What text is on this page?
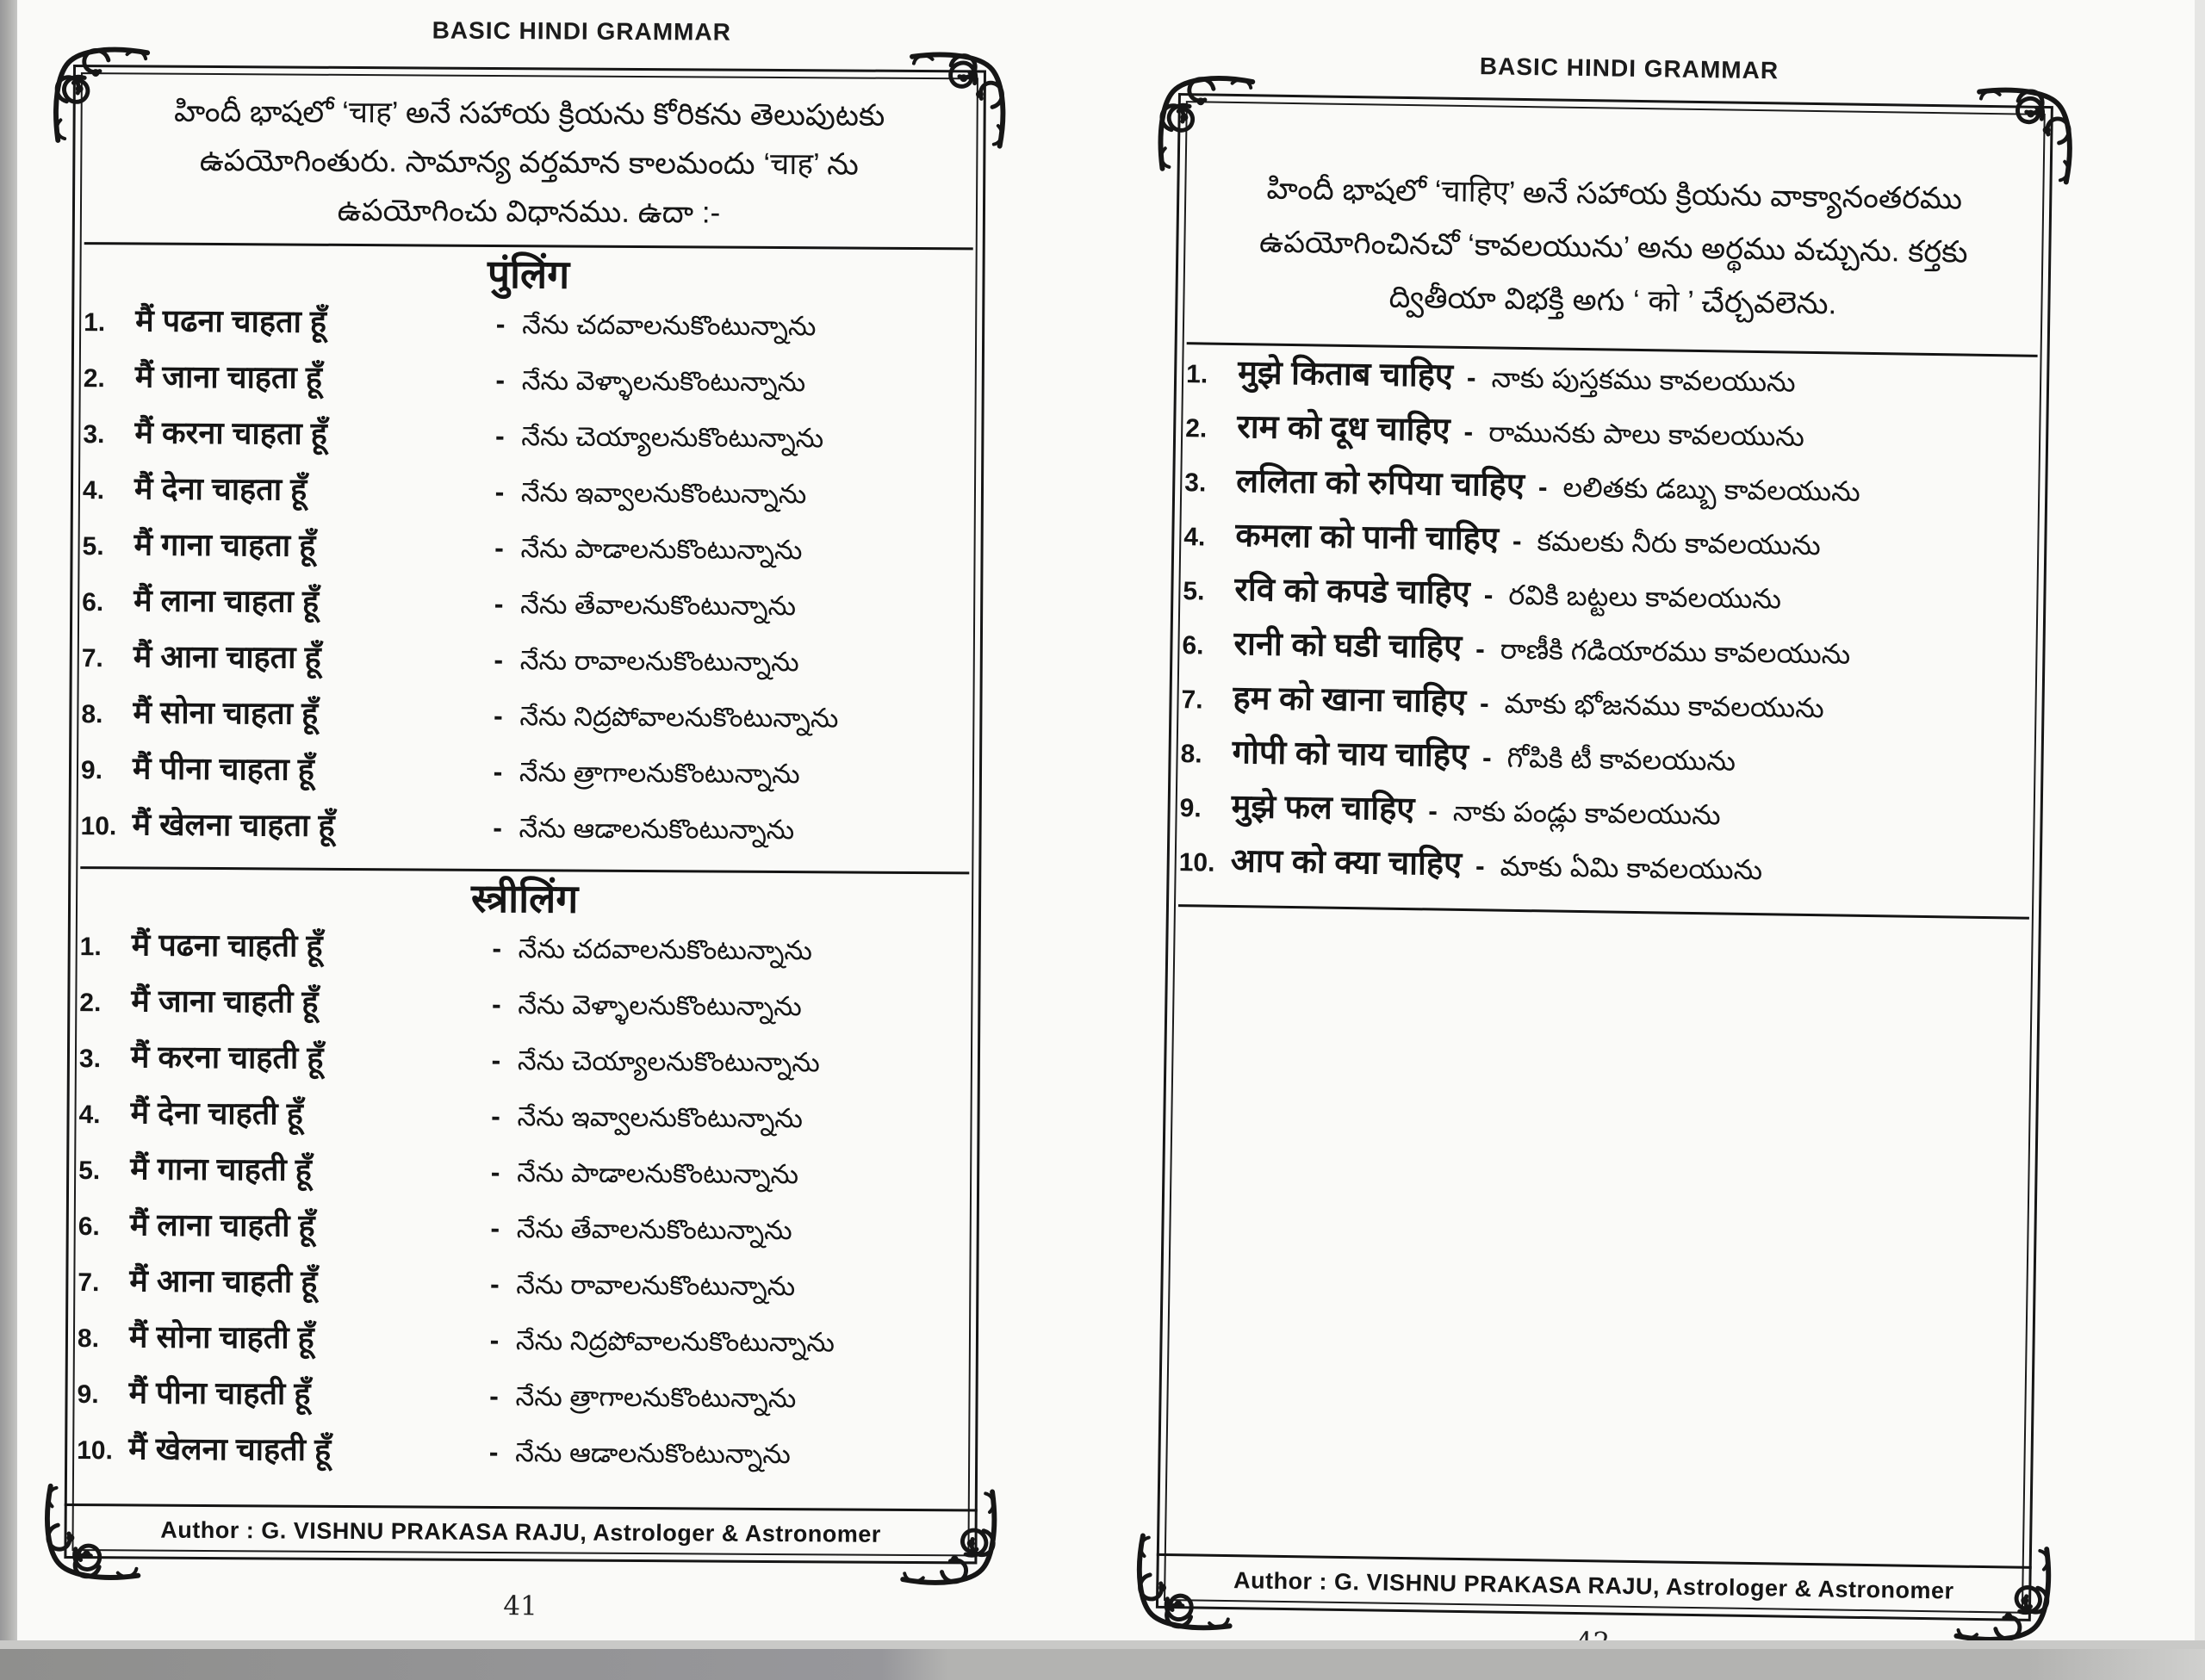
BASIC HINDI GRAMMAR
హిందీ భాషలో ‘चाह’ అనే సహాయ క్రియను కోరికను తెలుపుటకు
ఉపయోగింతురు. సామాన్య వర్తమాన కాలమందు ‘चाह’ ను
ఉపయోగించు విధానము. ఉదా :-
पुंलिंग
1. मैं पढना चाहता हूँ	- నేను చదవాలనుకొంటున్నాను
2. मैं जाना चाहता हूँ	- నేను వెళ్ళాలనుకొంటున్నాను
3. मैं करना चाहता हूँ	- నేను చెయ్యాలనుకొంటున్నాను
4. मैं देना चाहता हूँ	- నేను ఇవ్వాలనుకొంటున్నాను
5. मैं गाना चाहता हूँ	- నేను పాడాలనుకొంటున్నాను
6. मैं लाना चाहता हूँ	- నేను తేవాలనుకొంటున్నాను
7. मैं आना चाहता हूँ	- నేను రావాలనుకొంటున్నాను
8. मैं सोना चाहता हूँ	- నేను నిద్రపోవాలనుకొంటున్నాను
9. मैं पीना चाहता हूँ	- నేను త్రాగాలనుకొంటున్నాను
10. मैं खेलना चाहता हूँ	- నేను ఆడాలనుకొంటున్నాను
स्त्रीलिंग
1. मैं पढना चाहती हूँ	- నేను చదవాలనుకొంటున్నాను
2. मैं जाना चाहती हूँ	- నేను వెళ్ళాలనుకొంటున్నాను
3. मैं करना चाहती हूँ	- నేను చెయ్యాలనుకొంటున్నాను
4. मैं देना चाहती हूँ	- నేను ఇవ్వాలనుకొంటున్నాను
5. मैं गाना चाहती हूँ	- నేను పాడాలనుకొంటున్నాను
6. मैं लाना चाहती हूँ	- నేను తేవాలనుకొంటున్నాను
7. मैं आना चाहती हूँ	- నేను రావాలనుకొంటున్నాను
8. मैं सोना चाहती हूँ	- నేను నిద్రపోవాలనుకొంటున్నాను
9. मैं पीना चाहती हूँ	- నేను త్రాగాలనుకొంటున్నాను
10. मैं खेलना चाहती हूँ	- నేను ఆడాలనుకొంటున్నాను
Author : G. VISHNU PRAKASA RAJU, Astrologer & Astronomer
41
BASIC HINDI GRAMMAR
హిందీ భాషలో ‘चाहिए’ అనే సహాయ క్రియను వాక్యానంతరము
ఉపయోగించినచో ‘కావలయును’ అను అర్థము వచ్చును. కర్తకు
ద్వితీయా విభక్తి అగు ‘ को ’ చేర్చవలెను.
1. मुझे किताब चाहिए - నాకు పుస్తకము కావలయును
2. राम को दूध चाहिए - రామునకు పాలు కావలయును
3. ललिता को रुपिया चाहिए - లలితకు డబ్బు కావలయును
4. कमला को पानी चाहिए - కమలకు నీరు కావలయును
5. रवि को कपडे चाहिए - రవికి బట్టలు కావలయును
6. रानी को घडी चाहिए - రాణీకి గడియారము కావలయును
7. हम को खाना चाहिए - మాకు భోజనము కావలయును
8. गोपी को चाय चाहिए - గోపికి టీ కావలయును
9. मुझे फल चाहिए - నాకు పండ్లు కావలయును
10. आप को क्या चाहिए - మాకు ఏమి కావలయును
Author : G. VISHNU PRAKASA RAJU, Astrologer & Astronomer
